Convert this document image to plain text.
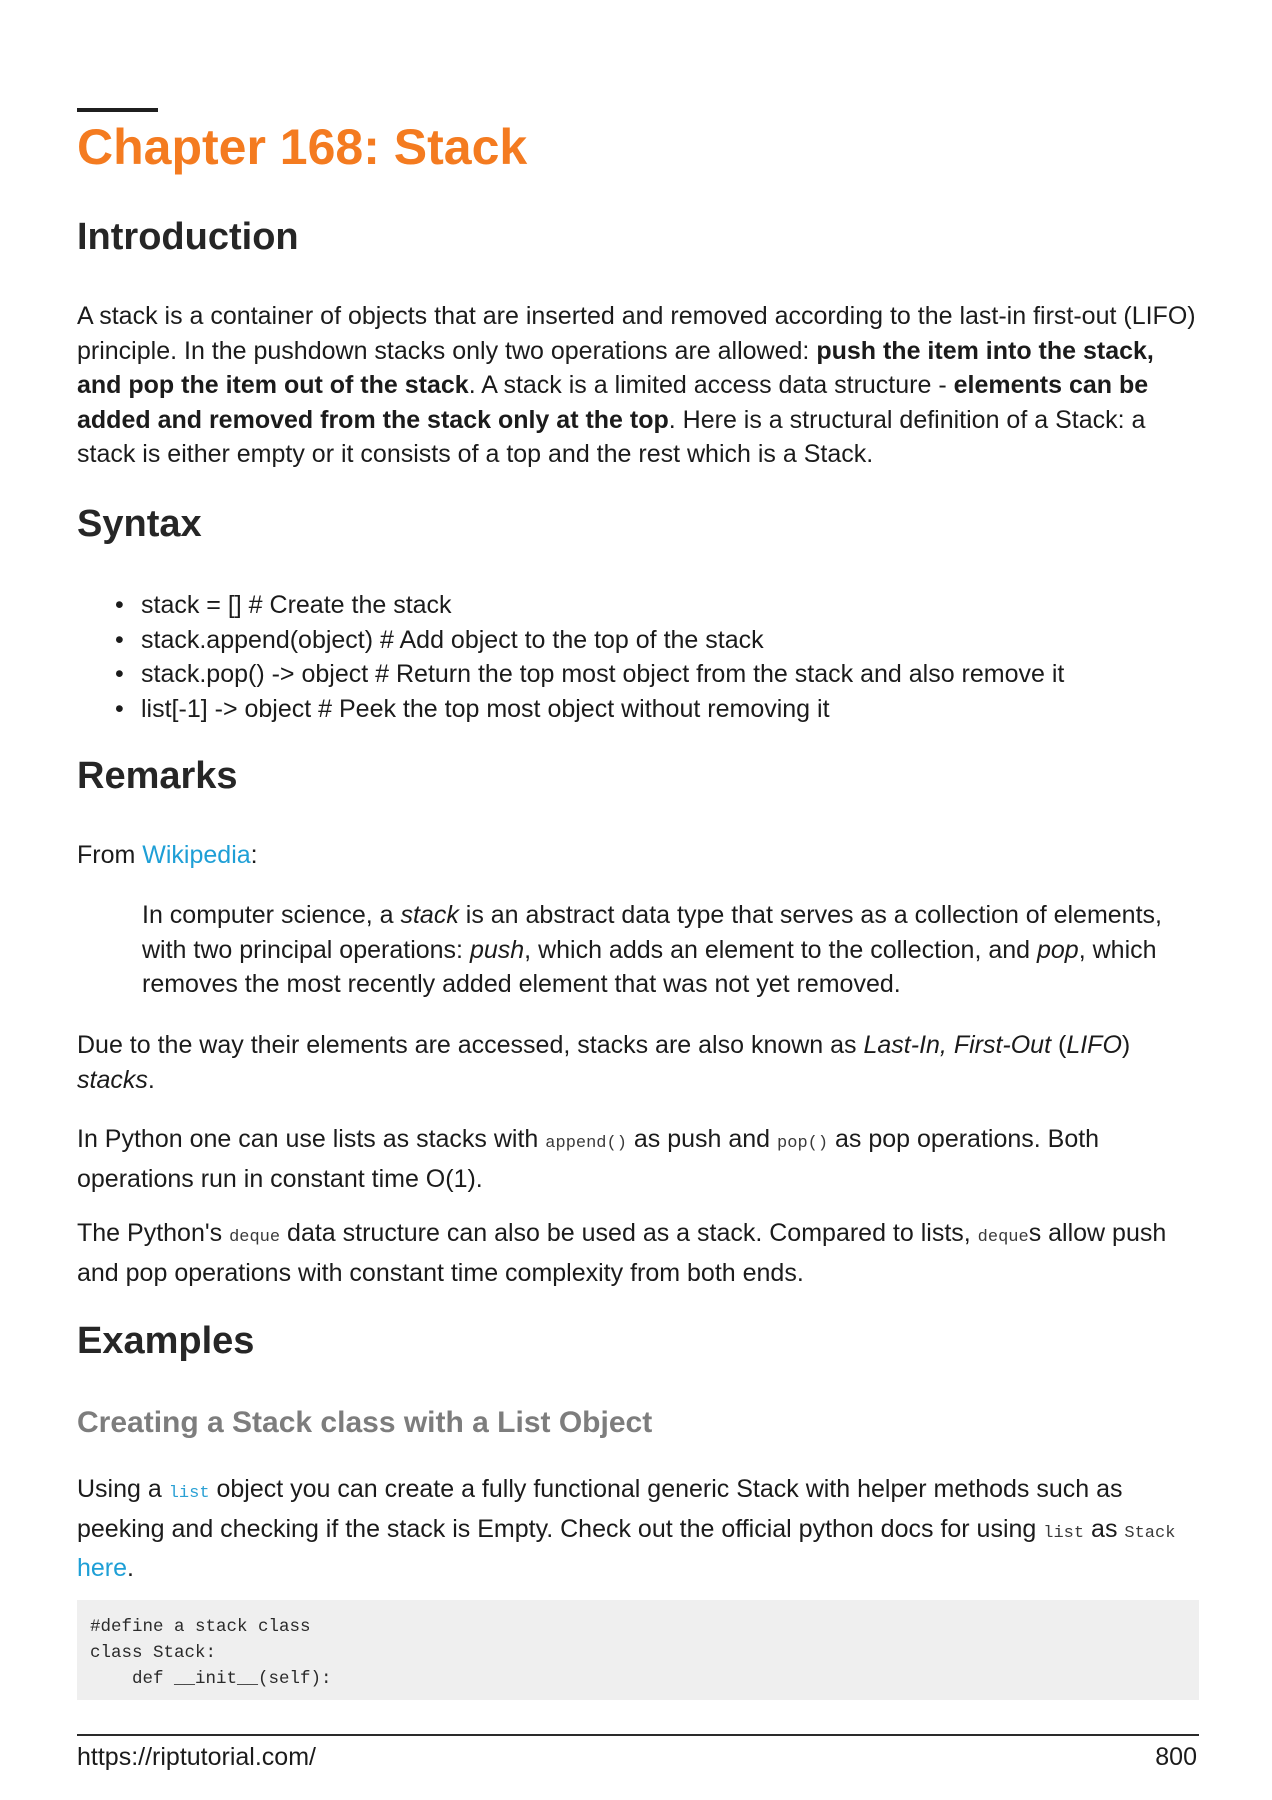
Chapter 168: Stack
Introduction

A stack is a container of objects that are inserted and removed according to the last-in first-out (LIFO) principle. In the pushdown stacks only two operations are allowed: push the item into the stack, and pop the item out of the stack. A stack is a limited access data structure - elements can be added and removed from the stack only at the top. Here is a structural definition of a Stack: a stack is either empty or it consists of a top and the rest which is a Stack.

Syntax
• stack = [] # Create the stack
• stack.append(object) # Add object to the top of the stack
• stack.pop() -> object # Return the top most object from the stack and also remove it
• list[-1] -> object # Peek the top most object without removing it
Remarks

From Wikipedia:

In computer science, a stack is an abstract data type that serves as a collection of elements, with two principal operations: push, which adds an element to the collection, and pop, which removes the most recently added element that was not yet removed.

Due to the way their elements are accessed, stacks are also known as Last-In, First-Out (LIFO) stacks.

In Python one can use lists as stacks with append() as push and pop() as pop operations. Both operations run in constant time O(1).

The Python's deque data structure can also be used as a stack. Compared to lists, deques allow push and pop operations with constant time complexity from both ends.

Examples
Creating a Stack class with a List Object

Using a list object you can create a fully functional generic Stack with helper methods such as peeking and checking if the stack is Empty. Check out the official python docs for using list as Stack here.

#define a stack class
class Stack:
def __init__(self):
https://riptutorial.com/	800
